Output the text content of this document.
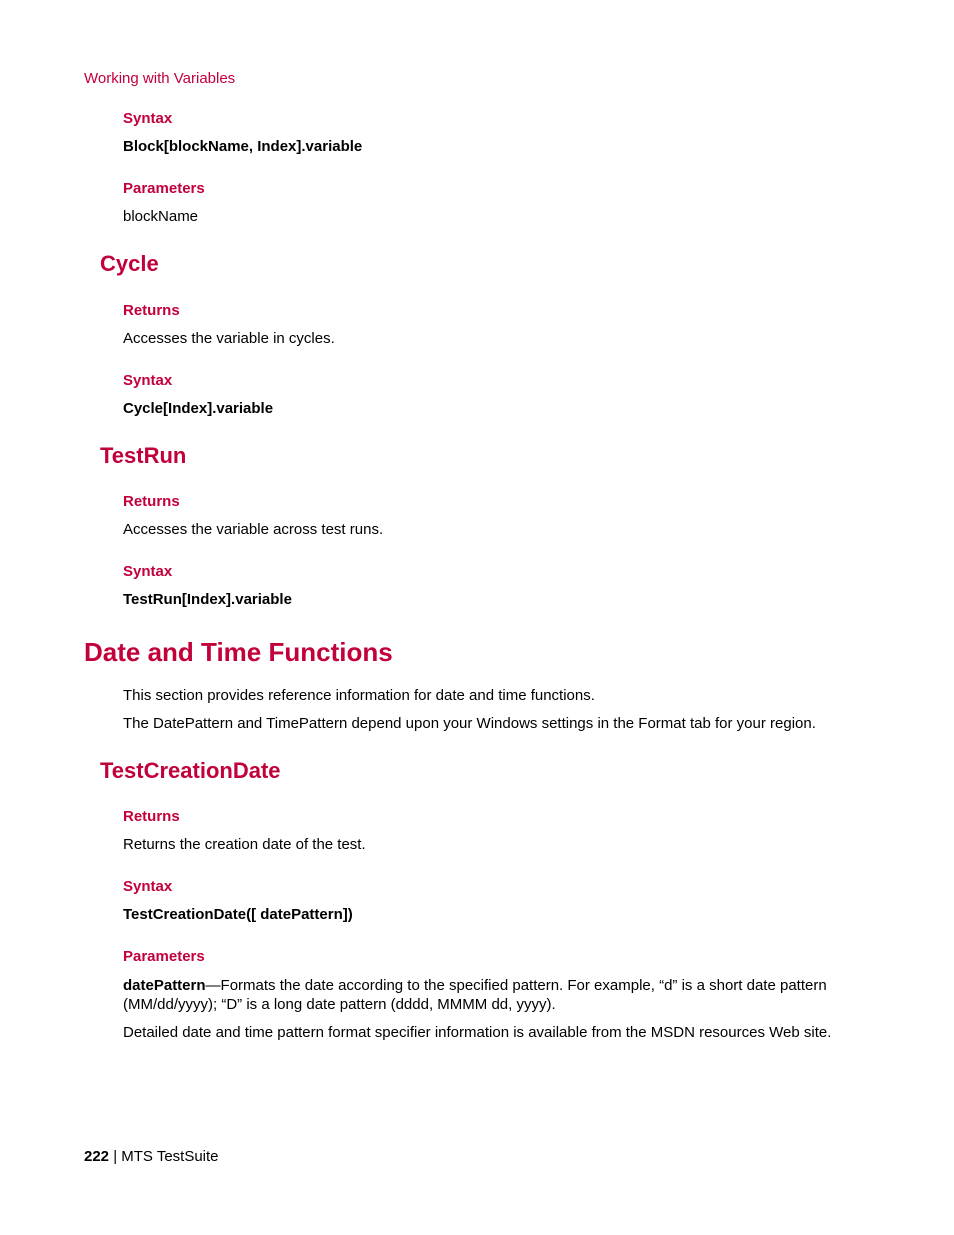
Working with Variables
Syntax
Block[blockName, Index].variable
Parameters
blockName
Cycle
Returns
Accesses the variable in cycles.
Syntax
Cycle[Index].variable
TestRun
Returns
Accesses the variable across test runs.
Syntax
TestRun[Index].variable
Date and Time Functions
This section provides reference information for date and time functions.
The DatePattern and TimePattern depend upon your Windows settings in the Format tab for your region.
TestCreationDate
Returns
Returns the creation date of the test.
Syntax
TestCreationDate([ datePattern])
Parameters
datePattern—Formats the date according to the specified pattern. For example, “d” is a short date pattern (MM/dd/yyyy); “D” is a long date pattern (dddd, MMMM dd, yyyy).
Detailed date and time pattern format specifier information is available from the MSDN resources Web site.
222 | MTS TestSuite
